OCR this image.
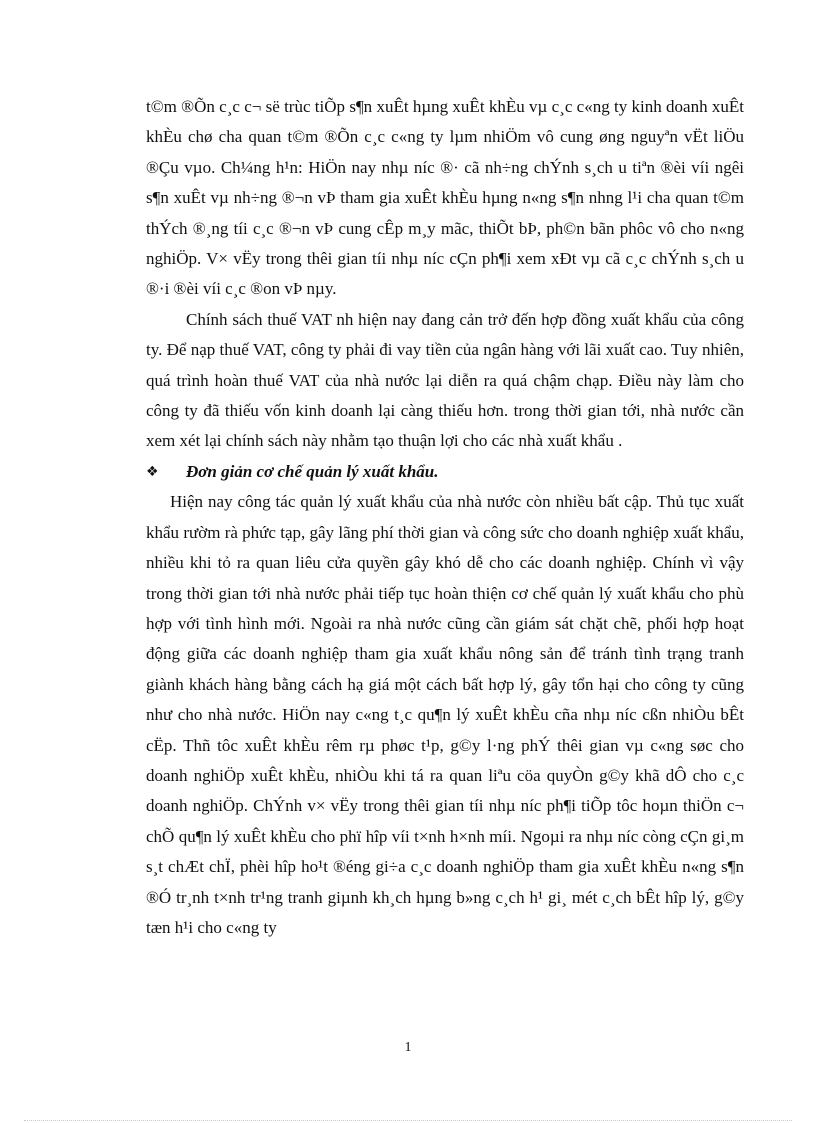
t©m ®Õn c¸c c¬ së trùc tiÕp s¶n xuÊt hµng xuÊt khÈu vµ c¸c c«ng ty kinh doanh xuÊt khÈu chø cha quan t©m ®Õn c¸c c«ng ty lµm nhiÖm vô cung øng nguyªn vËt liÖu ®Çu vµo. Ch¼ng h¹n: HiÖn nay nhµ níc ®· cã nh÷ng chÝnh s¸ch u tiªn ®èi víi ngêi s¶n xuÊt vµ nh÷ng ®¬n vÞ tham gia xuÊt khÈu hµng n«ng s¶n nhng l¹i cha quan t©m thÝch ®¸ng tíi c¸c ®¬n vÞ cung cÊp m¸y mãc, thiÕt bÞ, ph©n bãn phôc vô cho n«ng nghiÖp. V× vËy trong thêi gian tíi nhµ níc cÇn ph¶i xem xÐt vµ cã c¸c chÝnh s¸ch u ®·i ®èi víi c¸c ®on vÞ nµy.

Chính sách thuế VAT nh hiện nay đang cản trở đến hợp đồng xuất khẩu của công ty. Để nạp thuế VAT, công ty phải đi vay tiền của ngân hàng với lãi xuất cao. Tuy nhiên, quá trình hoàn thuế VAT của nhà nước lại diễn ra quá chậm chạp. Điều này làm cho công ty đã thiếu vốn kinh doanh lại càng thiếu hơn. trong thời gian tới, nhà nước cần xem xét lại chính sách này nhằm tạo thuận lợi cho các nhà xuất khẩu .

❖	Đơn giản cơ chế quản lý xuất khẩu.

Hiện nay công tác quản lý xuất khẩu của nhà nước còn nhiều bất cập. Thủ tục xuất khẩu rườm rà phức tạp, gây lãng phí thời gian và công sức cho doanh nghiệp xuất khẩu, nhiều khi tỏ ra quan liêu cửa quyền gây khó dễ cho các doanh nghiệp. Chính vì vậy trong thời gian tới nhà nước phải tiếp tục hoàn thiện cơ chế quản lý xuất khẩu cho phù hợp với tình hình mới. Ngoài ra nhà nước cũng cần giám sát chặt chẽ, phối hợp hoạt động giữa các doanh nghiệp tham gia xuất khẩu nông sản để tránh tình trạng tranh giành khách hàng bằng cách hạ giá một cách bất hợp lý, gây tổn hại cho công ty cũng như cho nhà nước. HiÖn nay c«ng t¸c qu¶n lý xuÊt khÈu cña nhµ níc cßn nhiÒu bÊt cËp. Thñ tôc xuÊt khÈu rêm rµ phøc t¹p, g©y l·ng phÝ thêi gian vµ c«ng søc cho doanh nghiÖp xuÊt khÈu, nhiÒu khi tá ra quan liªu cöa quyÒn g©y khã dÔ cho c¸c doanh nghiÖp. ChÝnh v× vËy trong thêi gian tíi nhµ níc ph¶i tiÕp tôc hoµn thiÖn c¬ chÕ qu¶n lý xuÊt khÈu cho phï hîp víi t×nh h×nh míi. Ngoµi ra nhµ níc còng cÇn gi¸m s¸t chÆt chÏ, phèi hîp ho¹t ®éng gi÷a c¸c doanh nghiÖp tham gia xuÊt khÈu n«ng s¶n ®Ó tr¸nh t×nh tr¹ng tranh giµnh kh¸ch hµng b»ng c¸ch h¹ gi¸ mét c¸ch bÊt hîp lý, g©y tæn h¹i cho c«ng ty

1
